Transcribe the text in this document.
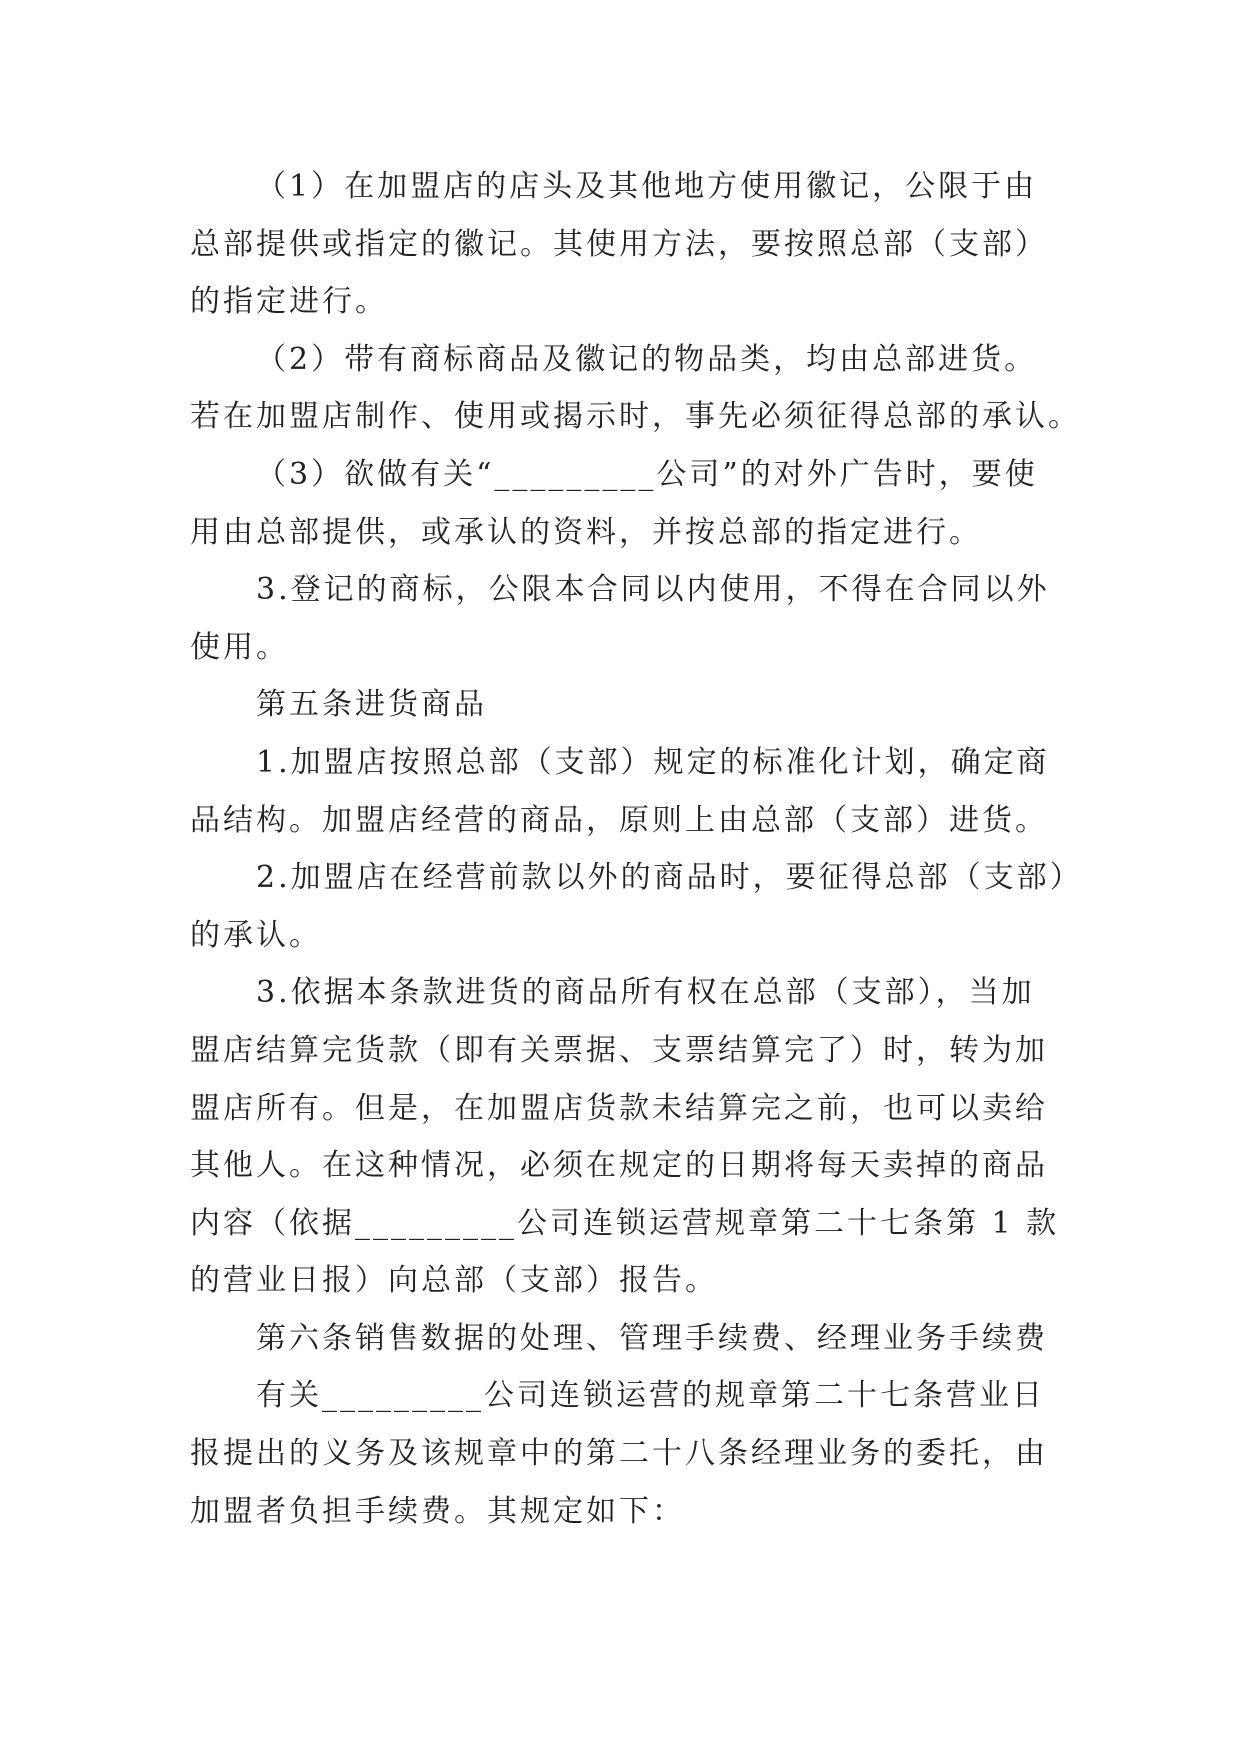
（1）在加盟店的店头及其他地方使用徽记，公限于由
总部提供或指定的徽记。其使用方法，要按照总部（支部）
的指定进行。
（2）带有商标商品及徽记的物品类，均由总部进货。
若在加盟店制作、使用或揭示时，事先必须征得总部的承认。
（3）欲做有关“_________公司”的对外广告时，要使
用由总部提供，或承认的资料，并按总部的指定进行。
3.登记的商标，公限本合同以内使用，不得在合同以外
使用。
第五条进货商品
1.加盟店按照总部（支部）规定的标准化计划，确定商
品结构。加盟店经营的商品，原则上由总部（支部）进货。
2.加盟店在经营前款以外的商品时，要征得总部（支部）
的承认。
3.依据本条款进货的商品所有权在总部（支部），当加
盟店结算完货款（即有关票据、支票结算完了）时，转为加
盟店所有。但是，在加盟店货款未结算完之前，也可以卖给
其他人。在这种情况，必须在规定的日期将每天卖掉的商品
内容（依据_________公司连锁运营规章第二十七条第 1 款
的营业日报）向总部（支部）报告。
第六条销售数据的处理、管理手续费、经理业务手续费
有关_________公司连锁运营的规章第二十七条营业日
报提出的义务及该规章中的第二十八条经理业务的委托，由
加盟者负担手续费。其规定如下：
